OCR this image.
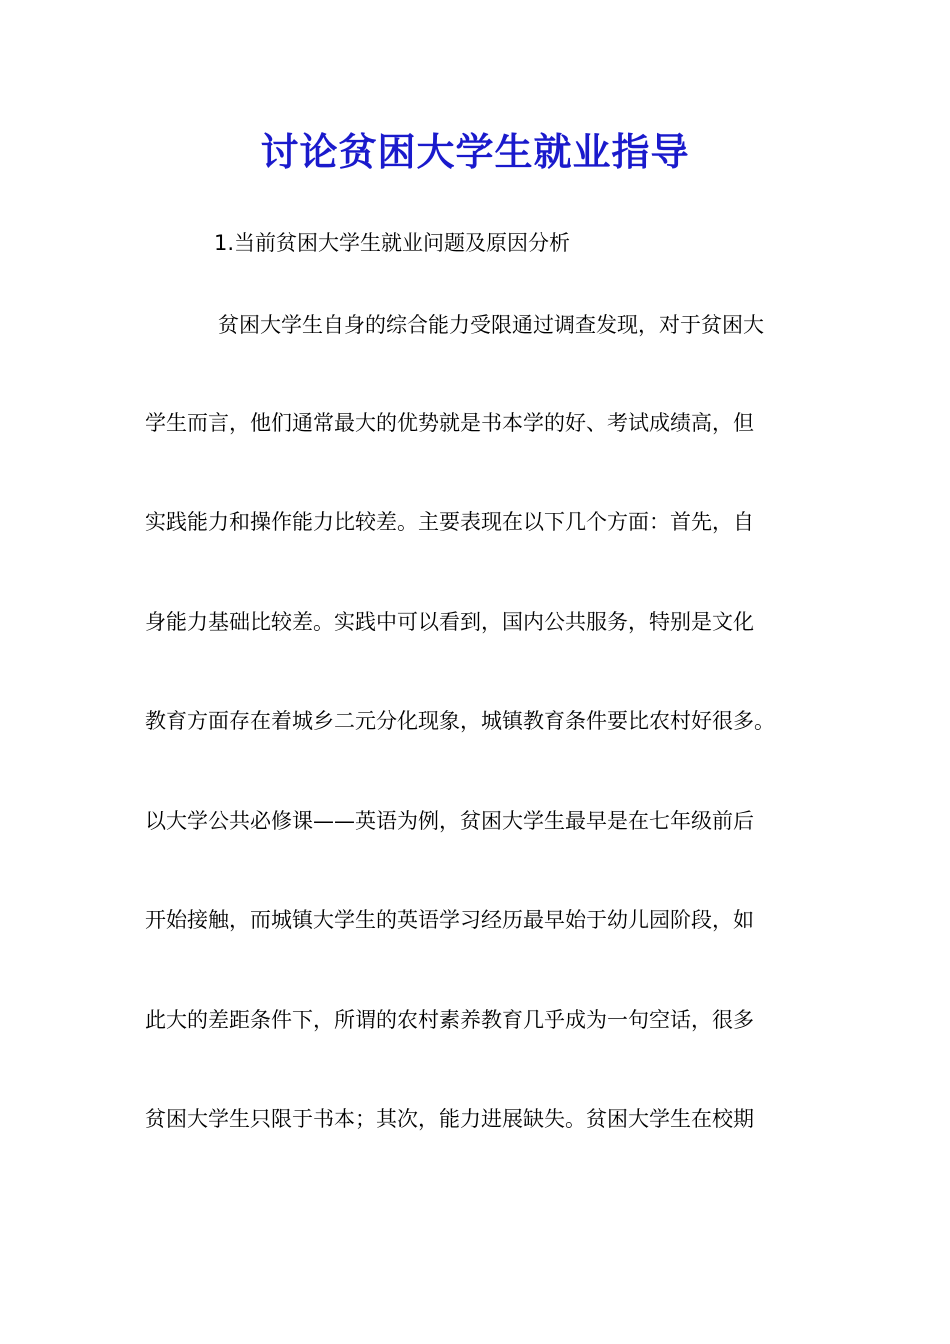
讨论贫困大学生就业指导

1.当前贫困大学生就业问题及原因分析

贫困大学生自身的综合能力受限通过调查发现，对于贫困大

学生而言，他们通常最大的优势就是书本学的好、考试成绩高，但

实践能力和操作能力比较差。主要表现在以下几个方面：首先，自

身能力基础比较差。实践中可以看到，国内公共服务，特别是文化

教育方面存在着城乡二元分化现象，城镇教育条件要比农村好很多。

以大学公共必修课——英语为例，贫困大学生最早是在七年级前后

开始接触，而城镇大学生的英语学习经历最早始于幼儿园阶段，如

此大的差距条件下，所谓的农村素养教育几乎成为一句空话，很多

贫困大学生只限于书本；其次，能力进展缺失。贫困大学生在校期
